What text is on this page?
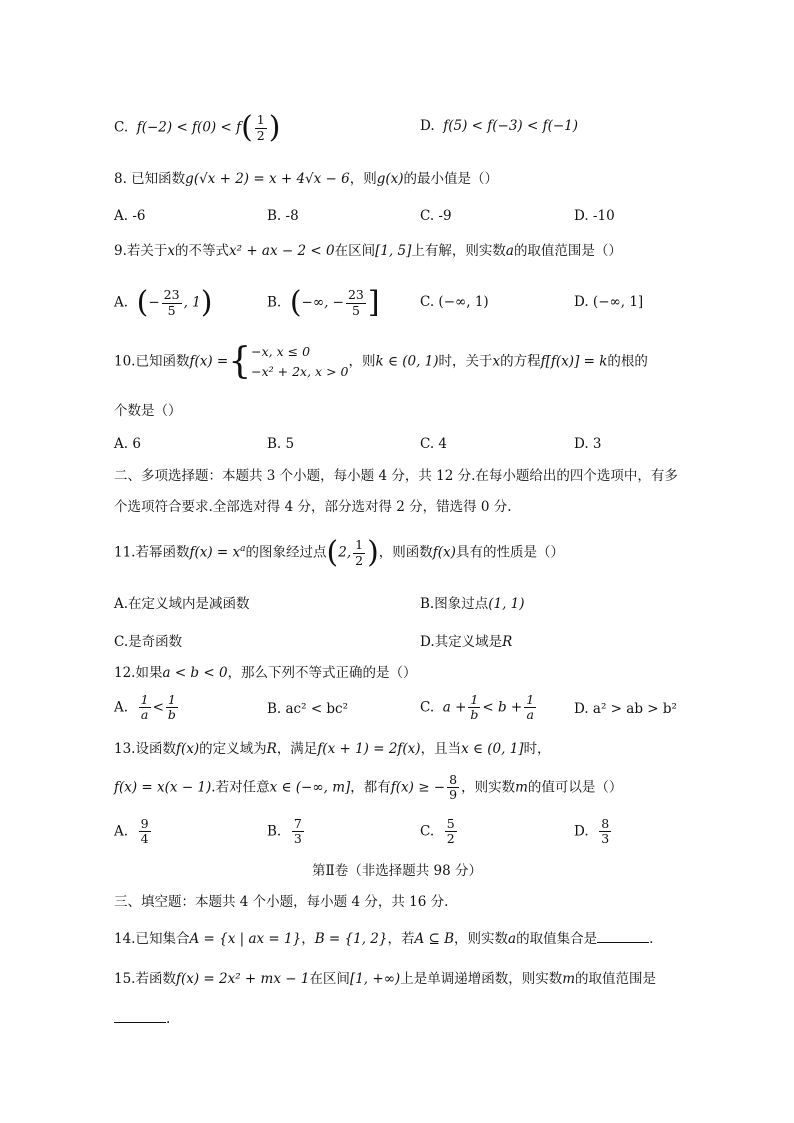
C. $f(-2) < f(0) < f( \frac{1}{2}$ )	D. f(5) < f(−3) < f(−1)
8. 已知函数g(√x + 2) = x + 4√x − 6，则g(x)的最小值是（）
A. -6	B. -8	C. -9	D. -10
9.若关于x的不等式x² + ax − 2 < 0在区间[1, 5]上有解，则实数a的取值范围是（）
A. (− $\frac{23}{5}$ , 1)	B. (−∞, − $\frac{23}{5}$ ]	C. (−∞, 1)	D. (−∞, 1]
10.已知函数f(x) ={ −x, x ≤ 0
−x² + 2x, x > 0
，则k ∈ (0, 1)时，关于x的方程f[f(x)] = k的根的
个数是（）
A. 6	B. 5	C. 4	D. 3
二、多项选择题：本题共 3 个小题，每小题 4 分，共 12 分.在每小题给出的四个选项中，有多
个选项符合要求.全部选对得 4 分，部分选对得 2 分，错选得 0 分.
11.若幂函数$f(x) = x^a$的图象经过点(2, $\frac{1}{2}$ )，则函数f(x)具有的性质是（）
A.在定义域内是减函数	B.图象过点(1, 1)
C.是奇函数	D.其定义域是R
12.如果a < b < 0，那么下列不等式正确的是（）
A. $\frac{1}{a} < \frac{1}{b}$	B. ac² < bc²	C. $a + \frac{1}{b} < b + \frac{1}{a}$	D. a² > ab > b²
13.设函数f(x)的定义域为R，满足f(x + 1) = 2f(x)，且当x ∈ (0, 1]时，
f(x) = x(x − 1).若对任意x ∈ (−∞, m]，都有f(x) ≥ − $\frac{8}{9}$ ，则实数m的值可以是（）
A. $\frac{9}{4}$	B. $\frac{7}{3}$	C. $\frac{5}{2}$	D. $\frac{8}{3}$
第Ⅱ卷（非选择题共 98 分）
三、填空题：本题共 4 个小题，每小题 4 分，共 16 分.
14.已知集合A = {x | ax = 1}，B = {1, 2}，若A ⊆ B，则实数a的取值集合是	.
15.若函数f(x) = 2x² + mx − 1在区间[1, +∞)上是单调递增函数，则实数m的取值范围是
.
